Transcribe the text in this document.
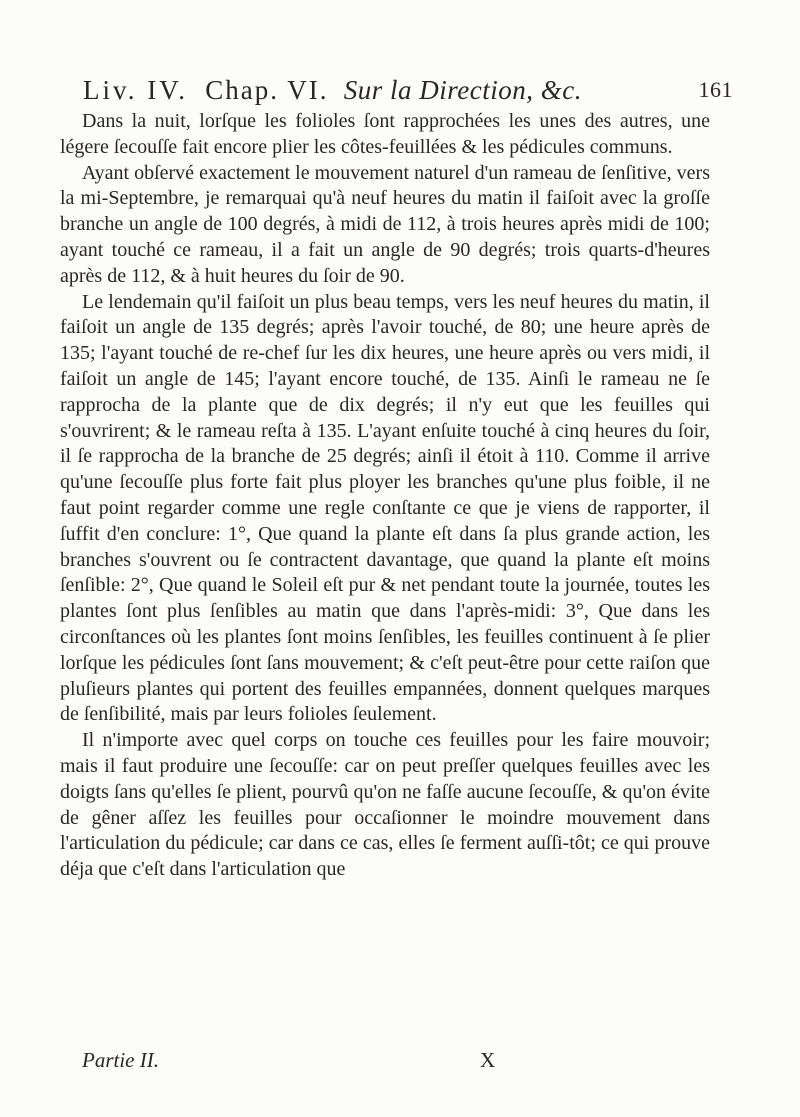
Liv. IV. Chap. VI. Sur la Direction, &c.	161

Dans la nuit, lorſque les folioles ſont rapprochées les unes des autres, une légere ſecouſſe fait encore plier les côtes-feuillées & les pédicules communs.

Ayant obſervé exactement le mouvement naturel d'un rameau de ſenſitive, vers la mi-Septembre, je remarquai qu'à neuf heures du matin il faiſoit avec la groſſe branche un angle de 100 degrés, à midi de 112, à trois heures après midi de 100; ayant touché ce rameau, il a fait un angle de 90 degrés; trois quarts-d'heures après de 112, & à huit heures du ſoir de 90.

Le lendemain qu'il faiſoit un plus beau temps, vers les neuf heures du matin, il faiſoit un angle de 135 degrés; après l'avoir touché, de 80; une heure après de 135; l'ayant touché de re-chef ſur les dix heures, une heure après ou vers midi, il faiſoit un angle de 145; l'ayant encore touché, de 135. Ainſi le rameau ne ſe rapprocha de la plante que de dix degrés; il n'y eut que les feuilles qui s'ouvrirent; & le rameau reſta à 135. L'ayant enſuite touché à cinq heures du ſoir, il ſe rapprocha de la branche de 25 degrés; ainſi il étoit à 110. Comme il arrive qu'une ſecouſſe plus forte fait plus ployer les branches qu'une plus foible, il ne faut point regarder comme une regle conſtante ce que je viens de rapporter, il ſuffit d'en conclure: 1°, Que quand la plante eſt dans ſa plus grande action, les branches s'ouvrent ou ſe contractent davantage, que quand la plante eſt moins ſenſible: 2°, Que quand le Soleil eſt pur & net pendant toute la journée, toutes les plantes ſont plus ſenſibles au matin que dans l'après-midi: 3°, Que dans les circonſtances où les plantes ſont moins ſenſibles, les feuilles continuent à ſe plier lorſque les pédicules ſont ſans mouvement; & c'eſt peut-être pour cette raiſon que pluſieurs plantes qui portent des feuilles empannées, donnent quelques marques de ſenſibilité, mais par leurs folioles ſeulement.

Il n'importe avec quel corps on touche ces feuilles pour les faire mouvoir; mais il faut produire une ſecouſſe: car on peut preſſer quelques feuilles avec les doigts ſans qu'elles ſe plient, pourvû qu'on ne faſſe aucune ſecouſſe, & qu'on évite de gêner aſſez les feuilles pour occaſionner le moindre mouvement dans l'articulation du pédicule; car dans ce cas, elles ſe ferment auſſi-tôt; ce qui prouve déja que c'eſt dans l'articulation que

Partie II.	X
